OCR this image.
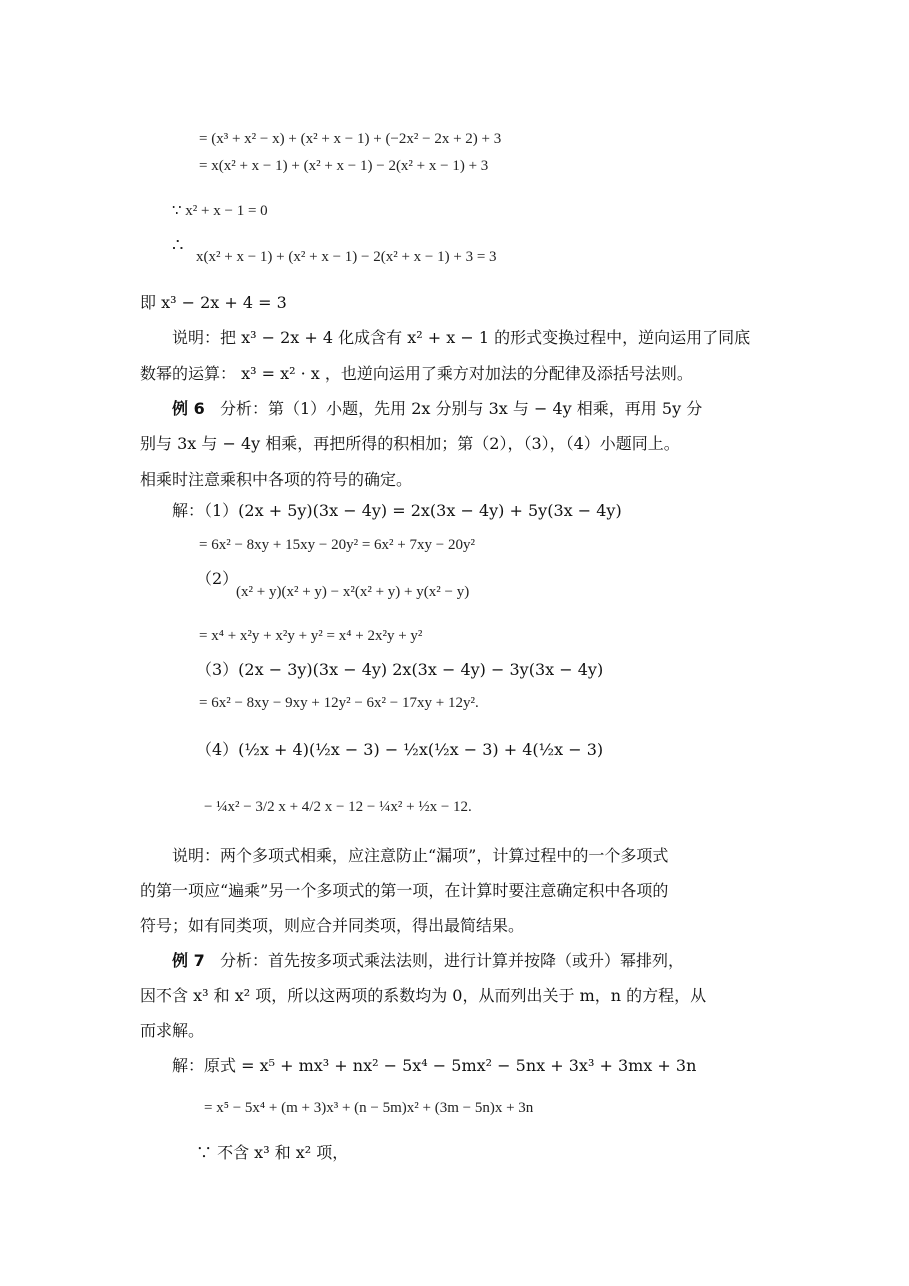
= (x³ + x² − x) + (x² + x − 1) + (−2x² − 2x + 2) + 3
= x(x² + x − 1) + (x² + x − 1) − 2(x² + x − 1) + 3
∵ x² + x − 1 = 0
∴
x(x² + x − 1) + (x² + x − 1) − 2(x² + x − 1) + 3 = 3
即 x³ − 2x + 4 = 3
说明：把 x³ − 2x + 4 化成含有 x² + x − 1 的形式变换过程中，逆向运用了同底
数幂的运算： x³ = x² · x ，也逆向运用了乘方对加法的分配律及添括号法则。
例 6 分析：第（1）小题，先用 2x 分别与 3x 与 − 4y 相乘，再用 5y 分
别与 3x 与 − 4y 相乘，再把所得的积相加；第（2），（3），（4）小题同上。
相乘时注意乘积中各项的符号的确定。
解：（1）(2x + 5y)(3x − 4y) = 2x(3x − 4y) + 5y(3x − 4y)
= 6x² − 8xy + 15xy − 20y² = 6x² + 7xy − 20y²
（2）
(x² + y)(x² + y) − x²(x² + y) + y(x² − y)
= x⁴ + x²y + x²y + y² = x⁴ + 2x²y + y²
（3）(2x − 3y)(3x − 4y) 2x(3x − 4y) − 3y(3x − 4y)
= 6x² − 8xy − 9xy + 12y² − 6x² − 17xy + 12y².
（4）(½x + 4)(½x − 3) − ½x(½x − 3) + 4(½x − 3)
− ¼x² − 3/2 x + 4/2 x − 12 − ¼x² + ½x − 12.
说明：两个多项式相乘，应注意防止“漏项”，计算过程中的一个多项式
的第一项应“遍乘”另一个多项式的第一项，在计算时要注意确定积中各项的
符号；如有同类项，则应合并同类项，得出最简结果。
例 7 分析：首先按多项式乘法法则，进行计算并按降（或升）幂排列，
因不含 x³ 和 x² 项，所以这两项的系数均为 0，从而列出关于 m，n 的方程，从
而求解。
解：原式 = x⁵ + mx³ + nx² − 5x⁴ − 5mx² − 5nx + 3x³ + 3mx + 3n
= x⁵ − 5x⁴ + (m + 3)x³ + (n − 5m)x² + (3m − 5n)x + 3n
∵ 不含 x³ 和 x² 项，
